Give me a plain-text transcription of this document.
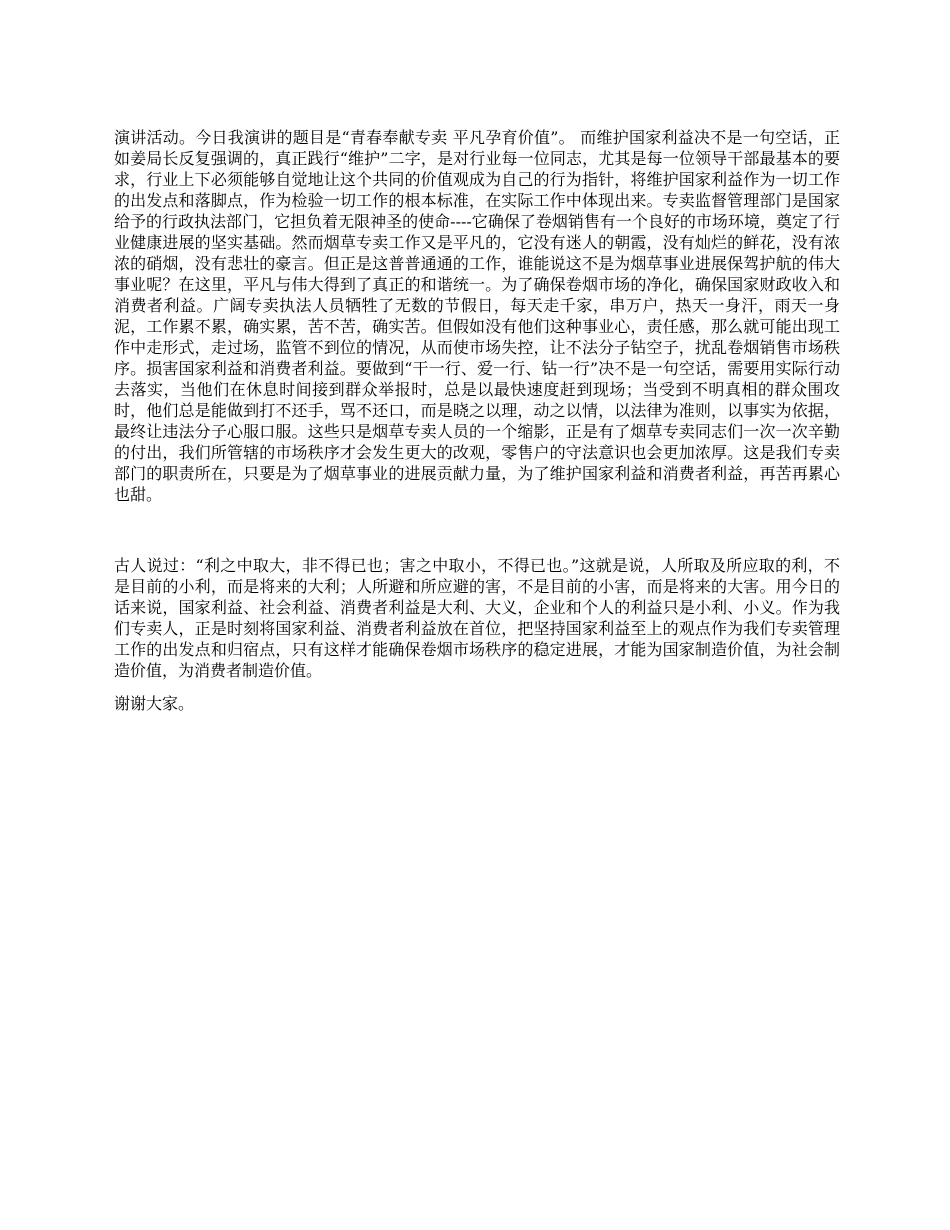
演讲活动。今日我演讲的题目是“青春奉献专卖 平凡孕育价值”。 而维护国家利益决不是一句空话，正如姜局长反复强调的，真正践行“维护”二字，是对行业每一位同志，尤其是每一位领导干部最基本的要求，行业上下必须能够自觉地让这个共同的价值观成为自己的行为指针，将维护国家利益作为一切工作的出发点和落脚点，作为检验一切工作的根本标准，在实际工作中体现出来。专卖监督管理部门是国家给予的行政执法部门，它担负着无限神圣的使命----它确保了卷烟销售有一个良好的市场环境，奠定了行业健康进展的坚实基础。然而烟草专卖工作又是平凡的，它没有迷人的朝霞，没有灿烂的鲜花，没有浓浓的硝烟，没有悲壮的豪言。但正是这普普通通的工作，谁能说这不是为烟草事业进展保驾护航的伟大事业呢？在这里，平凡与伟大得到了真正的和谐统一。为了确保卷烟市场的净化，确保国家财政收入和消费者利益。广阔专卖执法人员牺牲了无数的节假日，每天走千家，串万户，热天一身汗，雨天一身泥，工作累不累，确实累，苦不苦，确实苦。但假如没有他们这种事业心，责任感，那么就可能出现工作中走形式，走过场，监管不到位的情况，从而使市场失控，让不法分子钻空子，扰乱卷烟销售市场秩序。损害国家利益和消费者利益。要做到“干一行、爱一行、钻一行”决不是一句空话，需要用实际行动去落实，当他们在休息时间接到群众举报时，总是以最快速度赶到现场；当受到不明真相的群众围攻时，他们总是能做到打不还手，骂不还口，而是晓之以理，动之以情，以法律为准则，以事实为依据，最终让违法分子心服口服。这些只是烟草专卖人员的一个缩影，正是有了烟草专卖同志们一次一次辛勤的付出，我们所管辖的市场秩序才会发生更大的改观，零售户的守法意识也会更加浓厚。这是我们专卖部门的职责所在，只要是为了烟草事业的进展贡献力量，为了维护国家利益和消费者利益，再苦再累心也甜。

古人说过：“利之中取大，非不得已也；害之中取小，不得已也。”这就是说，人所取及所应取的利，不是目前的小利，而是将来的大利；人所避和所应避的害，不是目前的小害，而是将来的大害。用今日的话来说，国家利益、社会利益、消费者利益是大利、大义，企业和个人的利益只是小利、小义。作为我们专卖人，正是时刻将国家利益、消费者利益放在首位，把坚持国家利益至上的观点作为我们专卖管理工作的出发点和归宿点，只有这样才能确保卷烟市场秩序的稳定进展，才能为国家制造价值，为社会制造价值，为消费者制造价值。

谢谢大家。
